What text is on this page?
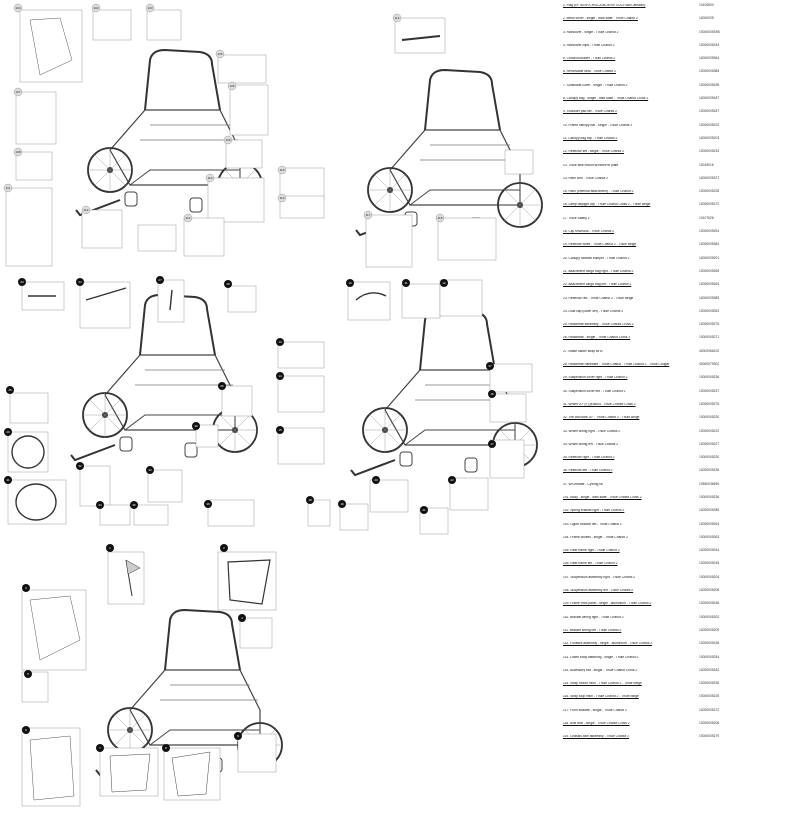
102	103
104
105
106
107
108
109
110
111
112
113
114
115
116
117
118
23	24	27
28
25
26
29
30
31
32
33
34	35	36
37
10	11	12
13
14
15
16
17
18
19
20
21
22
1	2
3
4
5
6
7	8
9
1. Flag (EFTA/SF/CH/SC/GB/JE/VET/UCF/AB/Camaiso)	10100800
2. Mesh cover - single - dark slate - Thule Chariot 2	10000005
3. Raincover - single - Thule Chariot 2	10000005S98
4. Raincover clips - Thule Chariot 2	10000005183
5. Crotch/shoulder - Thule Chariot 2	10000005364
6. Removable seat - Thule Chariot 2	10000005385
7. Sunshade cover - single - Thule Chariot 2	10000005185
8. Canopy bag - single - dark slate - Thule Chariot Cross 2	10000005187
9. Shoulder pad set - Thule Chariot 2	10000005187
10. Frame canopy bar - single - Thule Chariot 2	10000005222
11. Canopy bag clip - Thule Chariot 2	10000005203
12. Reflector set - single - Thule Chariot 2	10000005234
13. Thule axle mount w/HitchPin plate	10018016
14. Hitch arm - Thule Chariot 2	10000005227
15. Hitch (external attachment) - Thule Chariot 2	10000005228
16. Lamp daylight clip - Thule Chariot Cross 2 - Thule Beige	10000005272
17. Thule Safety 2	10107628
18. Clip fork/hook - Thule Chariot 2	10000005254
19. Reflector white - Thule Chariot 2 - Thule Beige	10000005384
20. Canopy footwell bumper - Thule Chariot 2	10000005201
21. Attachment cargo bag right - Thule Chariot 2	10000005265
22. Attachment cargo bag left - Thule Chariot 2	10000005263
23. Reflector red - Thule Chariot 2 - Thule Beige	10000005385
24. Dust cap (lower set) - Thule Chariot 2	10000005263
25. Handlebar assembly - Thule Chariot Cross 2	10000005275
26. Handlebar - single - Thule Chariot Cross 2	10000005271
27. Brake cable/ strap kit B	40002066102
28. Handlebar hardware - Thule Chariot - Thule Chariot 2 - Thule Cougar	40000079302
29. Suspension cover right - Thule Chariot 2	10000005236
30. Suspension cover left - Thule Chariot 2	10000005237
31. Wheel 20" (F) product - Thule Chariot Cross 2	10000005275
32. Tire and tube 20" - Thule Chariot 2 - Thule Beige	10000005220
33. Wheel wiring right - Thule Chariot 2	10000005222
34. Wheel wiring left - Thule Chariot 2	10000005227
35. Reflector right - Thule Chariot 2	10000005220
36. Reflector left - Thule Chariot 2	10000005236
37. Wh beader - Cycling kit	10550036690
101. Body - single - dark slate - Thule Chariot Cross 2	10000005236
102. Spring bracket right - Thule Chariot 2	10000005285
103. Upper bracket left - Thule Chariot 2	10000005264
104. Frame wolfies - single - Thule Chariot 2	10000005262
105. Rear frame right - Thule Chariot 2	10000005244
106. Rear frame left - Thule Chariot 2	10000005245
107. Suspension assembly right - Thule Chariot 2	10000005204
108. Suspension assembly left - Thule Chariot 2	10000005208
109. Frame front panel - single - aluminium - Thule Chariot 2	10000005246
110. Bracket wiring right - Thule Chariot 2	10000005202
111. Bracket wiring left - Thule Chariot 2	10000005209
112. Footwell assembly - single - aluminium - Thule Chariot 2	10000005248
113. Lower body fastening - single - Thule Chariot 2	10000005254
114. Accessory bar - single - Thule Chariot Cross 2	10000005262
115. Strap mount hitch - Thule Chariot 2 - Thule Beige	10000005236
116. Strap loop hitch - Thule Chariot 2 - Thule Beige	10000005225
117. Front footwell - single - Thule Chariot 2	10000005272
118. Axle rear - single - Thule Chariot Cross 2	10000005208
119. Chassis axle assembly - Thule Chariot 2	10000005279
